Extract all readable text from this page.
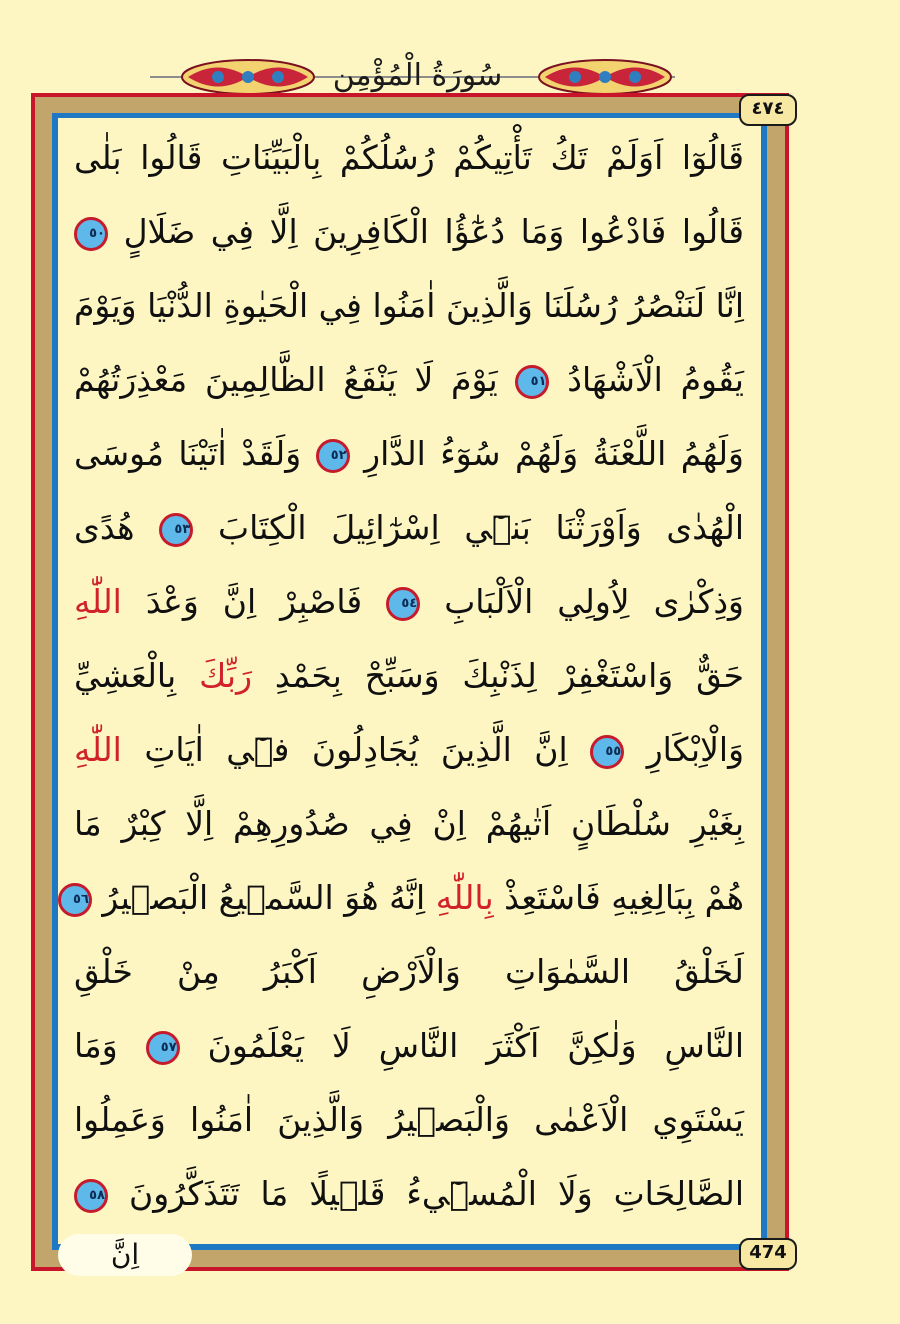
سُورَةُ الْمُؤْمِنِ
قَالُوٓا اَوَلَمْ تَكُ تَأْتِيكُمْ رُسُلُكُمْ بِالْبَيِّنَاتِ قَالُوا بَلٰى
قَالُوا فَادْعُوا وَمَا دُعٰٓؤُا الْكَافِرِينَ اِلَّا فِي ضَلَالٍ ٥٠
اِنَّا لَنَنْصُرُ رُسُلَنَا وَالَّذِينَ اٰمَنُوا فِي الْحَيٰوةِ الدُّنْيَا وَيَوْمَ
يَقُومُ الْاَشْهَادُ ٥١ يَوْمَ لَا يَنْفَعُ الظَّالِمِينَ مَعْذِرَتُهُمْ
وَلَهُمُ اللَّعْنَةُ وَلَهُمْ سُوٓءُ الدَّارِ ٥٢ وَلَقَدْ اٰتَيْنَا مُوسَى
الْهُدٰى وَاَوْرَثْنَا بَنٖٓي اِسْرٰٓائِيلَ الْكِتَابَ ٥٣ هُدًى
وَذِكْرٰى لِاُولِي الْاَلْبَابِ ٥٤ فَاصْبِرْ اِنَّ وَعْدَ اللّٰهِ
حَقٌّ وَاسْتَغْفِرْ لِذَنْبِكَ وَسَبِّحْ بِحَمْدِ رَبِّكَ بِالْعَشِيِّ
وَالْاِبْكَارِ ٥٥ اِنَّ الَّذِينَ يُجَادِلُونَ فٖٓي اٰيَاتِ اللّٰهِ
بِغَيْرِ سُلْطَانٍ اَتٰيهُمْ اِنْ فِي صُدُورِهِمْ اِلَّا كِبْرٌ مَا
هُمْ بِبَالِغِيهِ فَاسْتَعِذْ بِاللّٰهِ اِنَّهُ هُوَ السَّمٖيعُ الْبَصٖيرُ ٥٦
لَخَلْقُ السَّمٰوَاتِ وَالْاَرْضِ اَكْبَرُ مِنْ خَلْقِ
النَّاسِ وَلٰكِنَّ اَكْثَرَ النَّاسِ لَا يَعْلَمُونَ ٥٧ وَمَا
يَسْتَوِي الْاَعْمٰى وَالْبَصٖيرُ وَالَّذِينَ اٰمَنُوا وَعَمِلُوا
الصَّالِحَاتِ وَلَا الْمُسٖٓيءُ قَلٖيلًا مَا تَتَذَكَّرُونَ ٥٨
٤٧٤
474
اِنَّ
